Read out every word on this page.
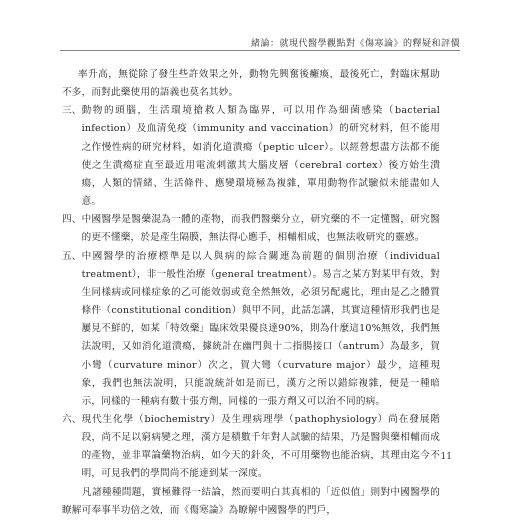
緒論：就現代醫學觀點對《傷寒論》的釋疑和評價

率升高，無從除了發生些許效果之外，動物先興奮後癱瘓，最後死亡，對臨床幫助不多，而對此藥使用的語義也莫名其妙。

三、 動物的頭腦，生活環境搶救人類為臨界，可以用作為細菌感染（bacterial infection）及血清免疫（immunity and vaccination）的研究材料，但不能用之作慢性病的研究材料，如消化道潰瘍（peptic ulcer）。以經營想盡方法都不能使之生潰瘍症直至最近用電流刺激其大腦皮層（cerebral cortex）後方始生潰瘍，人類的情緒、生活條件、應變環境極為複雜，單用動物作試驗似未能盡如人意。
四、 中國醫學是醫藥混為一體的產物，而我們醫藥分立，研究藥的不一定懂醫，研究醫的更不懂藥，於是產生隔膜，無法得心應手，相輔相成，也無法收研究的靈感。
五、 中國醫學的治療標準是以人與病的綜合關連為前題的個別治療（individual treatment），非一般性治療（general treatment）。易言之某方對某甲有效，對生同樣病或同樣症象的乙可能效弱或竟全然無效，必須另配處比，理由是乙之體質條件（constitutional condition）與甲不同，此話怎講，其實這種情形我們也是屢見不鮮的，如某「特效藥」臨床效果優良達90%，則為什麼這10%無效，我們無法說明，又如消化道潰瘍，據統計在幽門與十二指腸接口（antrum）為最多，賀小彎（curvature minor）次之，賀大彎（curvature major）最少，這種現象，我們也無法說明，只能說統計如是而已，漢方之所以錯綜複雜，便是一種暗示，同樣的一種病有數十張方劑，同樣的一張方劑又可以治不同的病。
六、 現代生化學（biochemistry）及生理病理學（pathophysiology）尚在發展階段，尚不足以窮病變之理，漢方是積數千年對人試驗的結果，乃是醫與藥相輔而成的產物，並非單論藥物治病，如今天的針灸，不可用藥物也能治病，其理由迄今不明，可見我們的學問尚不能達到某一深度。

凡諸種種問題，實極難得一結論，然而要明白其真相的「近似值」則對中國醫學的瞭解可奉事半功倍之效，而《傷寒論》為瞭解中國醫學的門戶，

11
